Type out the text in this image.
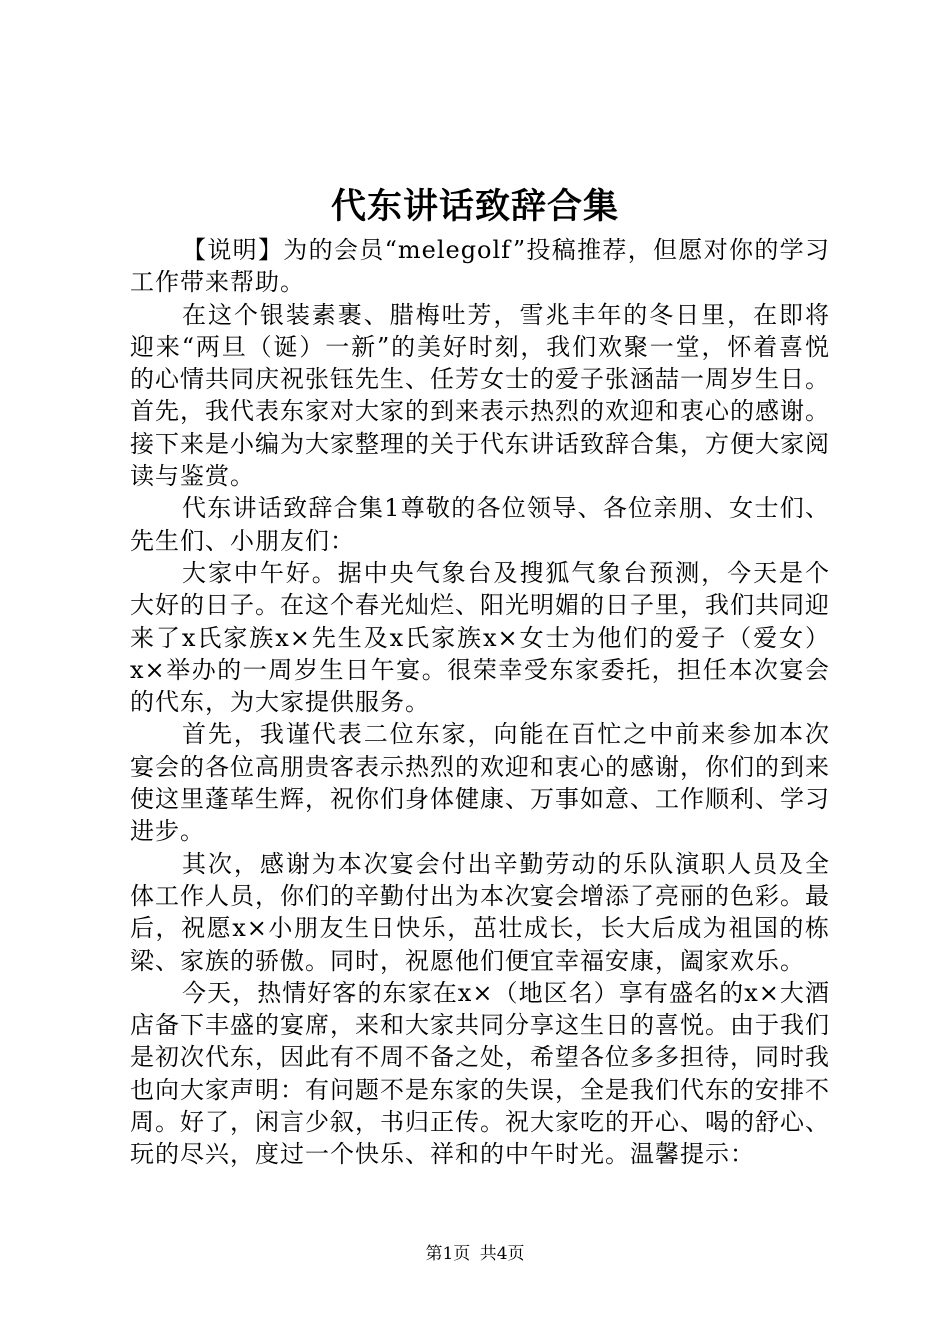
代东讲话致辞合集

【说明】为的会员“melegolf”投稿推荐，但愿对你的学习工作带来帮助。

在这个银装素裹、腊梅吐芳，雪兆丰年的冬日里，在即将迎来“两旦（诞）一新”的美好时刻，我们欢聚一堂，怀着喜悦的心情共同庆祝张钰先生、任芳女士的爱子张涵喆一周岁生日。首先，我代表东家对大家的到来表示热烈的欢迎和衷心的感谢。接下来是小编为大家整理的关于代东讲话致辞合集，方便大家阅读与鉴赏。

代东讲话致辞合集1尊敬的各位领导、各位亲朋、女士们、先生们、小朋友们：

大家中午好。据中央气象台及搜狐气象台预测，今天是个大好的日子。在这个春光灿烂、阳光明媚的日子里，我们共同迎来了x氏家族x×先生及x氏家族x×女士为他们的爱子（爱女）x×举办的一周岁生日午宴。很荣幸受东家委托，担任本次宴会的代东，为大家提供服务。

首先，我谨代表二位东家，向能在百忙之中前来参加本次宴会的各位高朋贵客表示热烈的欢迎和衷心的感谢，你们的到来使这里蓬荜生辉，祝你们身体健康、万事如意、工作顺利、学习进步。

其次，感谢为本次宴会付出辛勤劳动的乐队演职人员及全体工作人员，你们的辛勤付出为本次宴会增添了亮丽的色彩。最后，祝愿x×小朋友生日快乐，茁壮成长，长大后成为祖国的栋梁、家族的骄傲。同时，祝愿他们便宜幸福安康，阖家欢乐。

今天，热情好客的东家在x×（地区名）享有盛名的x×大酒店备下丰盛的宴席，来和大家共同分享这生日的喜悦。由于我们是初次代东，因此有不周不备之处，希望各位多多担待，同时我也向大家声明：有问题不是东家的失误，全是我们代东的安排不周。好了，闲言少叙，书归正传。祝大家吃的开心、喝的舒心、玩的尽兴，度过一个快乐、祥和的中午时光。温馨提示：

第1页 共4页
